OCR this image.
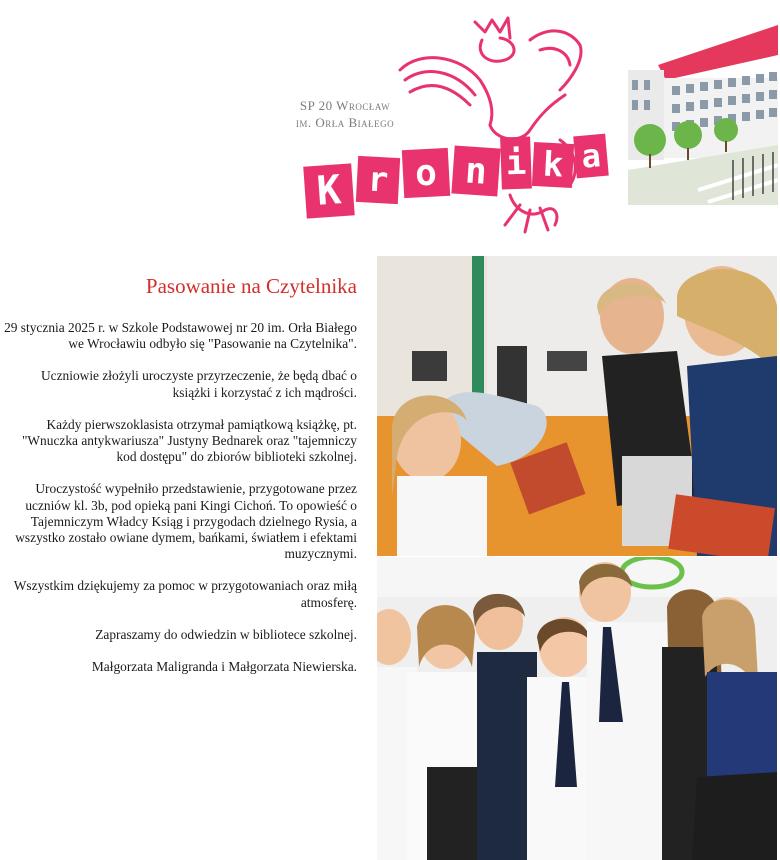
SP 20 Wrocław
im. Orła Białego
K r o n i k a
Pasowanie na Czytelnika

29 stycznia 2025 r. w Szkole Podstawowej nr 20 im. Orła Białego we Wrocławiu odbyło się "Pasowanie na Czytelnika".

Uczniowie złożyli uroczyste przyrzeczenie, że będą dbać o książki i korzystać z ich mądrości.

Każdy pierwszoklasista otrzymał pamiątkową książkę, pt. "Wnuczka antykwariusza" Justyny Bednarek oraz "tajemniczy kod dostępu" do zbiorów biblioteki szkolnej.

Uroczystość wypełniło przedstawienie, przygotowane przez uczniów kl. 3b, pod opieką pani Kingi Cichoń. To opowieść o Tajemniczym Władcy Ksiąg i przygodach dzielnego Rysia, a wszystko zostało owiane dymem, bańkami, światłem i efektami muzycznymi.

Wszystkim dziękujemy za pomoc w przygotowaniach oraz miłą atmosferę.

Zapraszamy do odwiedzin w bibliotece szkolnej.

Małgorzata Maligranda i Małgorzata Niewierska.
